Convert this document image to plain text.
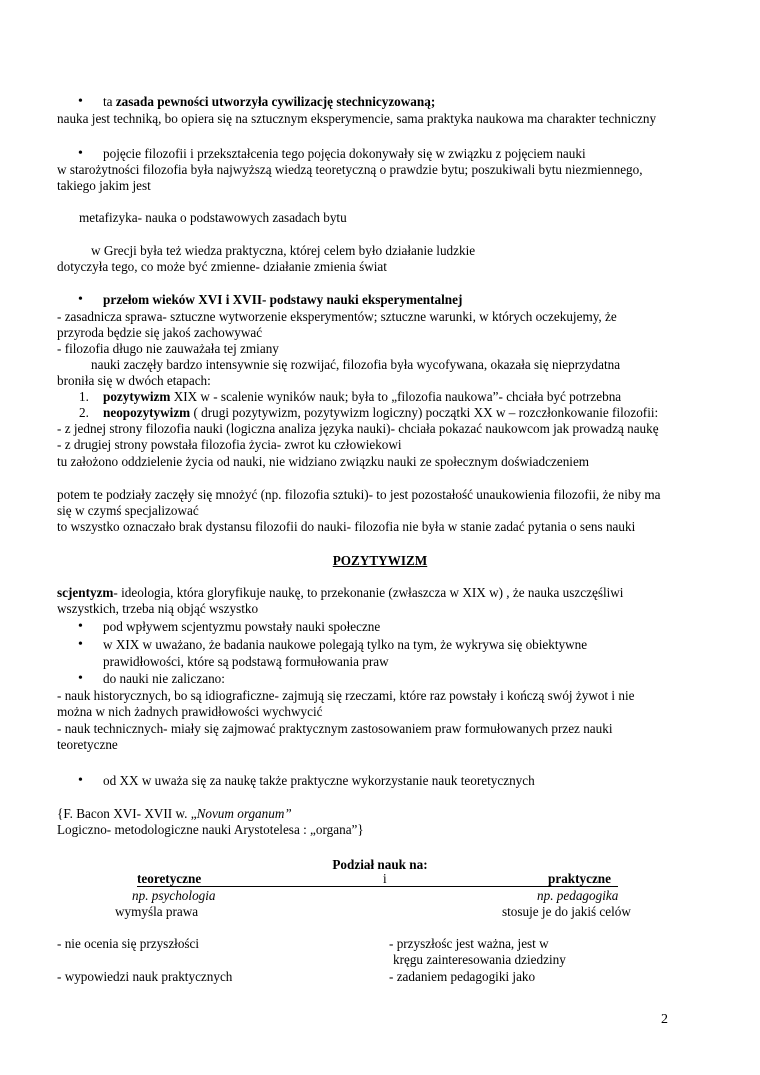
• ta zasada pewności utworzyła cywilizację stechnicyzowaną;
nauka jest techniką, bo opiera się na sztucznym eksperymencie, sama praktyka naukowa ma charakter techniczny
• pojęcie filozofii i przekształcenia tego pojęcia dokonywały się w związku z pojęciem nauki
w starożytności filozofia była najwyższą wiedzą teoretyczną o prawdzie bytu; poszukiwali bytu niezmiennego,
takiego jakim jest
metafizyka- nauka o podstawowych zasadach bytu
w Grecji była też wiedza praktyczna, której celem było działanie ludzkie
dotyczyła tego, co może być zmienne- działanie zmienia świat
• przełom wieków XVI i XVII- podstawy nauki eksperymentalnej
- zasadnicza sprawa- sztuczne wytworzenie eksperymentów; sztuczne warunki, w których oczekujemy, że
przyroda będzie się jakoś zachowywać
- filozofia długo nie zauważała tej zmiany
nauki zaczęły bardzo intensywnie się rozwijać, filozofia była wycofywana, okazała się nieprzydatna
broniła się w dwóch etapach:
1. pozytywizm XIX w - scalenie wyników nauk; była to „filozofia naukowa”- chciała być potrzebna
2. neopozytywizm ( drugi pozytywizm, pozytywizm logiczny) początki XX w – rozczłonkowanie filozofii:
- z jednej strony filozofia nauki (logiczna analiza języka nauki)- chciała pokazać naukowcom jak prowadzą naukę
- z drugiej strony powstała filozofia życia- zwrot ku człowiekowi
tu założono oddzielenie życia od nauki, nie widziano związku nauki ze społecznym doświadczeniem
potem te podziały zaczęły się mnożyć (np. filozofia sztuki)- to jest pozostałość unaukowienia filozofii, że niby ma
się w czymś specjalizować
to wszystko oznaczało brak dystansu filozofii do nauki- filozofia nie była w stanie zadać pytania o sens nauki
POZYTYWIZM
scjentyzm- ideologia, która gloryfikuje naukę, to przekonanie (zwłaszcza w XIX w) , że nauka uszczęśliwi
wszystkich, trzeba nią objąć wszystko
• pod wpływem scjentyzmu powstały nauki społeczne
• w XIX w uważano, że badania naukowe polegają tylko na tym, że wykrywa się obiektywne
prawidłowości, które są podstawą formułowania praw
• do nauki nie zaliczano:
- nauk historycznych, bo są idiograficzne- zajmują się rzeczami, które raz powstały i kończą swój żywot i nie
można w nich żadnych prawidłowości wychwycić
- nauk technicznych- miały się zajmować praktycznym zastosowaniem praw formułowanych przez nauki
teoretyczne
• od XX w uważa się za naukę także praktyczne wykorzystanie nauk teoretycznych
{F. Bacon XVI- XVII w. „Novum organum”
Logiczno- metodologiczne nauki Arystotelesa : „organa”}
Podział nauk na:
teoretyczne	i	praktyczne
np. psychologia	np. pedagogika
wymyśla prawa	stosuje je do jakiś celów
- nie ocenia się przyszłości	- przyszłośc jest ważna, jest w
kręgu zainteresowania dziedziny
- wypowiedzi nauk praktycznych	- zadaniem pedagogiki jako
2
